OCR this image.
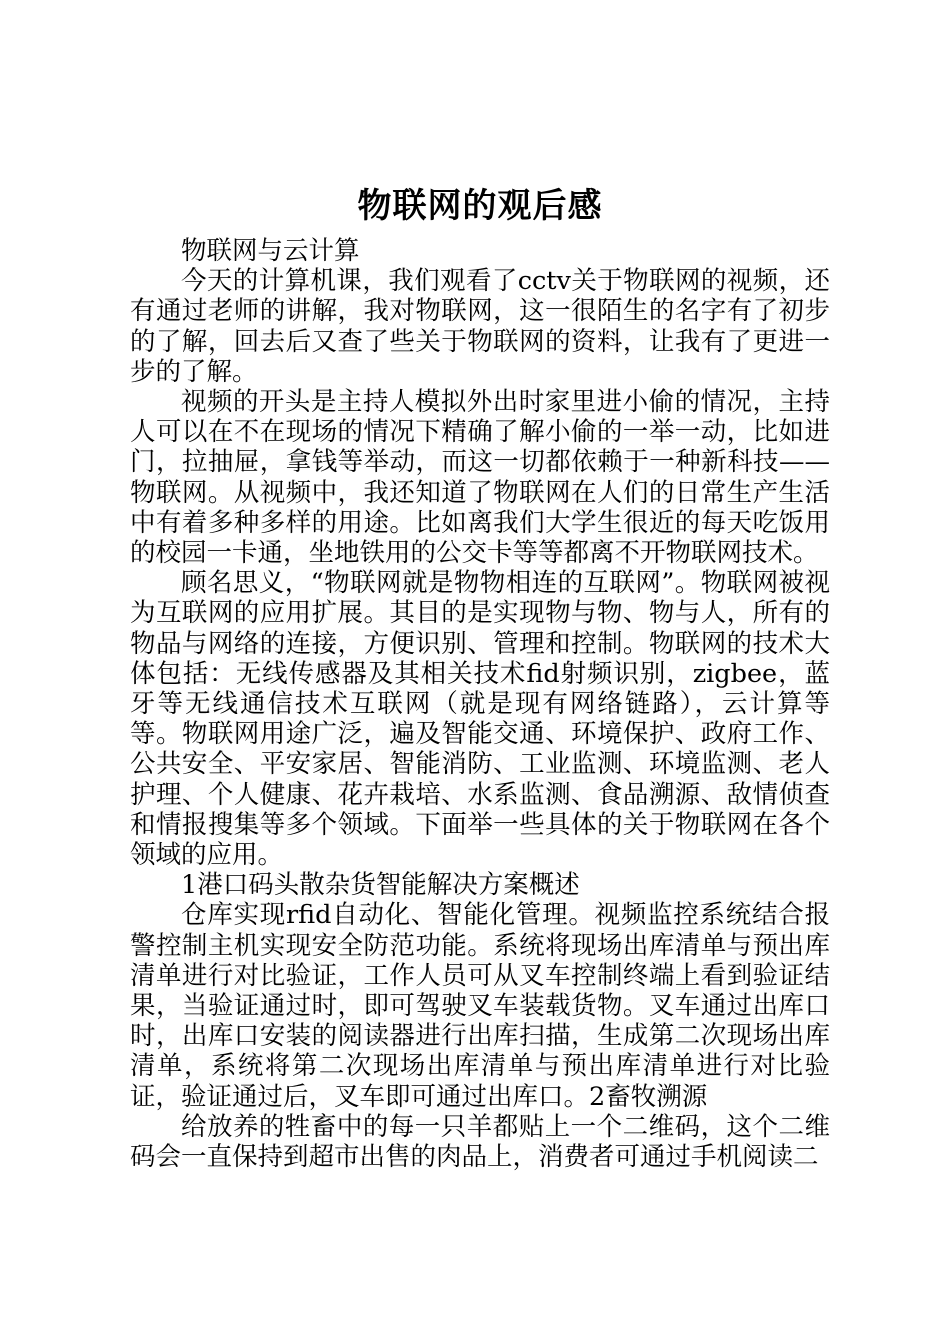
物联网的观后感

物联网与云计算

今天的计算机课，我们观看了cctv关于物联网的视频，还有通过老师的讲解，我对物联网，这一很陌生的名字有了初步的了解，回去后又查了些关于物联网的资料，让我有了更进一步的了解。

视频的开头是主持人模拟外出时家里进小偷的情况，主持人可以在不在现场的情况下精确了解小偷的一举一动，比如进门，拉抽屉，拿钱等举动，而这一切都依赖于一种新科技——物联网。从视频中，我还知道了物联网在人们的日常生产生活中有着多种多样的用途。比如离我们大学生很近的每天吃饭用的校园一卡通，坐地铁用的公交卡等等都离不开物联网技术。

顾名思义，“物联网就是物物相连的互联网”。物联网被视为互联网的应用扩展。其目的是实现物与物、物与人，所有的物品与网络的连接，方便识别、管理和控制。物联网的技术大体包括：无线传感器及其相关技术fid射频识别，zigbee，蓝牙等无线通信技术互联网（就是现有网络链路），云计算等等。物联网用途广泛，遍及智能交通、环境保护、政府工作、公共安全、平安家居、智能消防、工业监测、环境监测、老人护理、个人健康、花卉栽培、水系监测、食品溯源、敌情侦查和情报搜集等多个领域。下面举一些具体的关于物联网在各个领域的应用。

1港口码头散杂货智能解决方案概述

仓库实现rfid自动化、智能化管理。视频监控系统结合报警控制主机实现安全防范功能。系统将现场出库清单与预出库清单进行对比验证，工作人员可从叉车控制终端上看到验证结果，当验证通过时，即可驾驶叉车装载货物。叉车通过出库口时，出库口安装的阅读器进行出库扫描，生成第二次现场出库清单，系统将第二次现场出库清单与预出库清单进行对比验证，验证通过后，叉车即可通过出库口。2畜牧溯源

给放养的牲畜中的每一只羊都贴上一个二维码，这个二维码会一直保持到超市出售的肉品上，消费者可通过手机阅读二
